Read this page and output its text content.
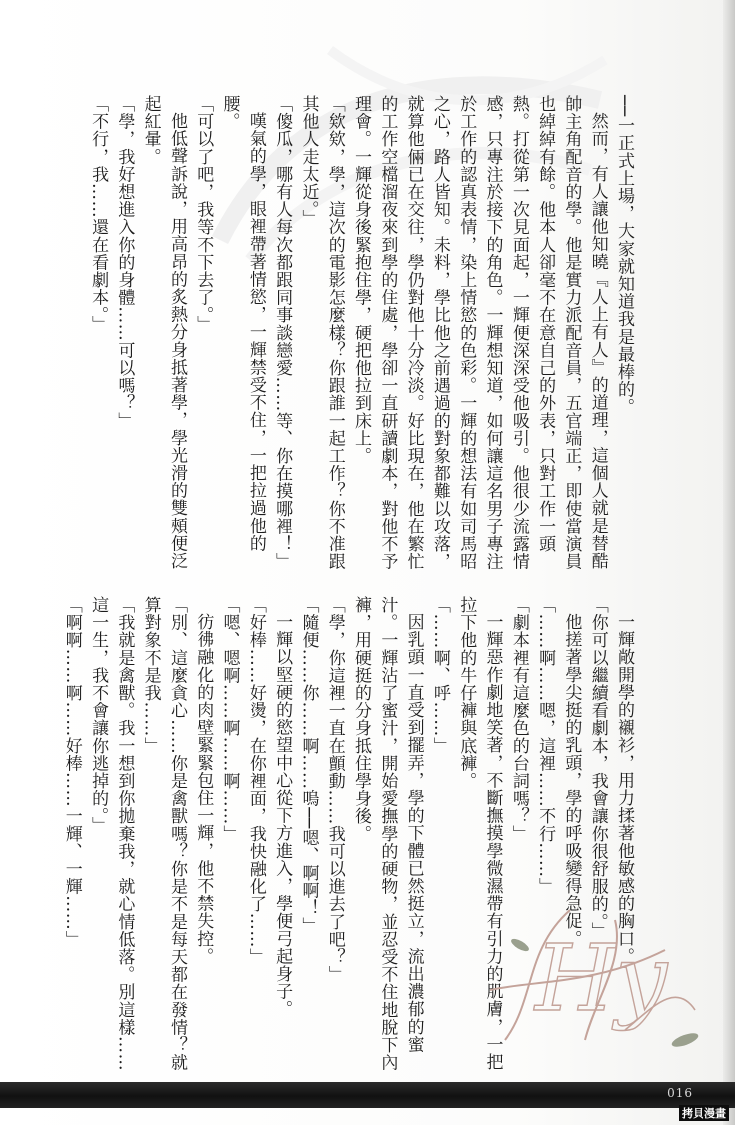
──一正式上場，大家就知道我是最棒的。
然而，有人讓他知曉『人上有人』的道理，這個人就是替酷
帥主角配音的學。他是實力派配音員，五官端正，即使當演員
也綽綽有餘。他本人卻毫不在意自己的外表，只對工作一頭
熱。打從第一次見面起，一輝便深深受他吸引。他很少流露情
感，只專注於接下的角色。一輝想知道，如何讓這名男子專注
於工作的認真表情，染上情慾的色彩。一輝的想法有如司馬昭
之心，路人皆知。未料，學比他之前遇過的對象都難以攻落，
就算他倆已在交往，學仍對他十分冷淡。好比現在，他在繁忙
的工作空檔溜夜來到學的住處，學卻一直研讀劇本，對他不予
理會。一輝從身後緊抱住學，硬把他拉到床上。
「欸欸，學，這次的電影怎麼樣？你跟誰一起工作？你不准跟
其他人走太近。」
「傻瓜，哪有人每次都跟同事談戀愛……等、你在摸哪裡！」
嘆氣的學，眼裡帶著情慾，一輝禁受不住，一把拉過他的
腰。
「可以了吧，我等不下去了。」
他低聲訴說，用高昂的炙熱分身抵著學，學光滑的雙頰便泛
起紅暈。
「學，我好想進入你的身體……可以嗎？」
「不行，我……還在看劇本。」
一輝敞開學的襯衫，用力揉著他敏感的胸口。
「你可以繼續看劇本，我會讓你很舒服的。」
他搓著學尖挺的乳頭，學的呼吸變得急促。
「……啊……嗯，這裡……不行……」
「劇本裡有這麼色的台詞嗎？」
一輝惡作劇地笑著，不斷撫摸學微濕帶有引力的肌膚，一把
拉下他的牛仔褲與底褲。
「……啊、呼……」
因乳頭一直受到擺弄，學的下體已然挺立，流出濃郁的蜜
汁。一輝沾了蜜汁，開始愛撫學的硬物，並忍受不住地脫下內
褲，用硬挺的分身抵住學身後。
「學，你這裡一直在顫動……我可以進去了吧？」
「隨便……你……啊……嗚──嗯、啊啊！」
一輝以堅硬的慾望中心從下方進入，學便弓起身子。
「好棒……好燙，在你裡面，我快融化了……」
「嗯、嗯啊……啊……啊……」
彷彿融化的肉壁緊緊包住一輝，他不禁失控。
「別、這麼貪心……你是禽獸嗎？你是不是每天都在發情？就
算對象不是我……」
「我就是禽獸。我一想到你拋棄我，就心情低落。別這樣……
這一生，我不會讓你逃掉的。」
「啊啊……啊……好棒……一輝、一輝……」
Hy
016
拷貝漫畫
